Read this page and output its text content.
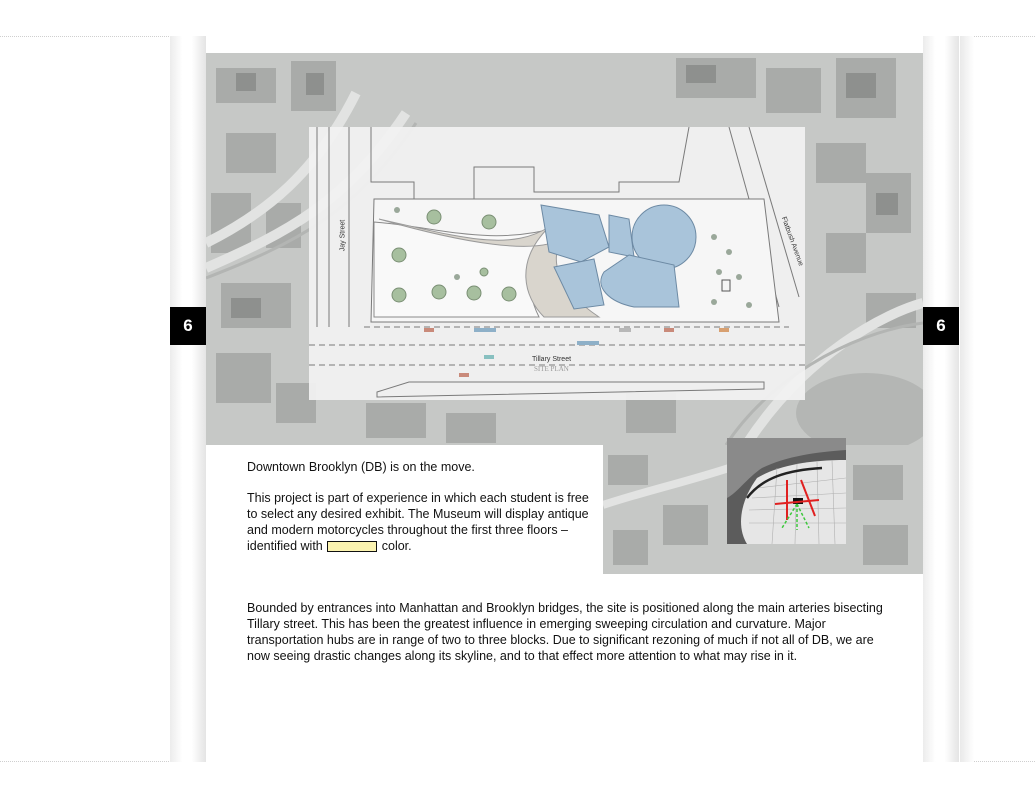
Jay Street	Flatbush Avenue
Tillary Street
SITE PLAN
6	6

Downtown Brooklyn (DB) is on the move.

This project is part of experience in which each student is free to select any desired exhibit. The Museum will display antique and modern motorcycles throughout the first three floors – identified with	color.

Bounded by entrances into Manhattan and Brooklyn bridges, the site is positioned along the main arteries bisecting Tillary street. This has been the greatest influence in emerging sweeping circulation and curvature. Major transportation hubs are in range of two to three blocks. Due to significant rezoning of much if not all of DB, we are now seeing drastic changes along its skyline, and to that effect more attention to what may rise in it.
